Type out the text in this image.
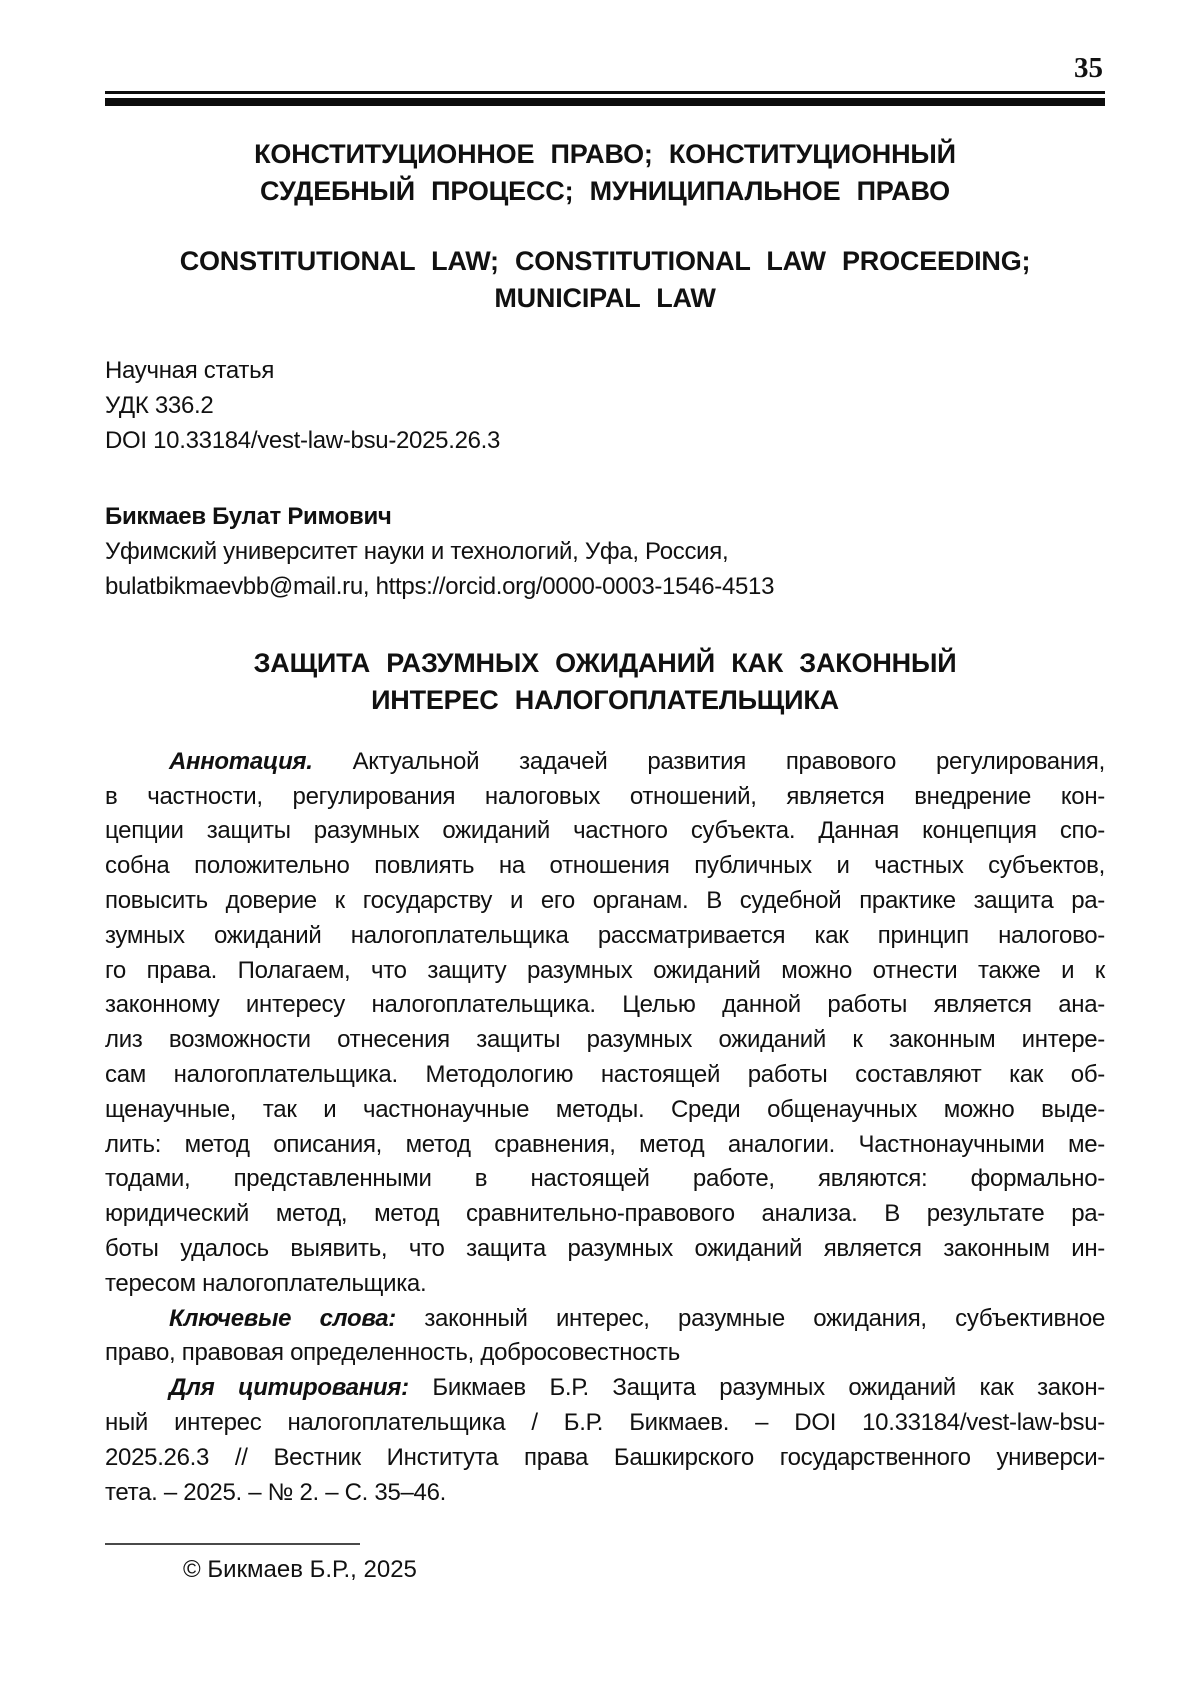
35
КОНСТИТУЦИОННОЕ ПРАВО; КОНСТИТУЦИОННЫЙ
СУДЕБНЫЙ ПРОЦЕСС; МУНИЦИПАЛЬНОЕ ПРАВО
CONSTITUTIONAL LAW; CONSTITUTIONAL LAW PROCEEDING;
MUNICIPAL LAW
Научная статья
УДК 336.2
DOI 10.33184/vest-law-bsu-2025.26.3
Бикмаев Булат Римович
Уфимский университет науки и технологий, Уфа, Россия,
bulatbikmaevbb@mail.ru, https://orcid.org/0000-0003-1546-4513
ЗАЩИТА РАЗУМНЫХ ОЖИДАНИЙ КАК ЗАКОННЫЙ
ИНТЕРЕС НАЛОГОПЛАТЕЛЬЩИКА
Аннотация. Актуальной задачей развития правового регулирования,
в частности, регулирования налоговых отношений, является внедрение кон-
цепции защиты разумных ожиданий частного субъекта. Данная концепция спо-
собна положительно повлиять на отношения публичных и частных субъектов,
повысить доверие к государству и его органам. В судебной практике защита ра-
зумных ожиданий налогоплательщика рассматривается как принцип налогово-
го права. Полагаем, что защиту разумных ожиданий можно отнести также и к
законному интересу налогоплательщика. Целью данной работы является ана-
лиз возможности отнесения защиты разумных ожиданий к законным интере-
сам налогоплательщика. Методологию настоящей работы составляют как об-
щенаучные, так и частнонаучные методы. Среди общенаучных можно выде-
лить: метод описания, метод сравнения, метод аналогии. Частнонаучными ме-
тодами, представленными в настоящей работе, являются: формально-
юридический метод, метод сравнительно-правового анализа. В результате ра-
боты удалось выявить, что защита разумных ожиданий является законным ин-
тересом налогоплательщика.
Ключевые слова: законный интерес, разумные ожидания, субъективное
право, правовая определенность, добросовестность
Для цитирования: Бикмаев Б.Р. Защита разумных ожиданий как закон-
ный интерес налогоплательщика / Б.Р. Бикмаев. – DOI 10.33184/vest-law-bsu-
2025.26.3 // Вестник Института права Башкирского государственного универси-
тета. – 2025. – № 2. – С. 35–46.
© Бикмаев Б.Р., 2025
